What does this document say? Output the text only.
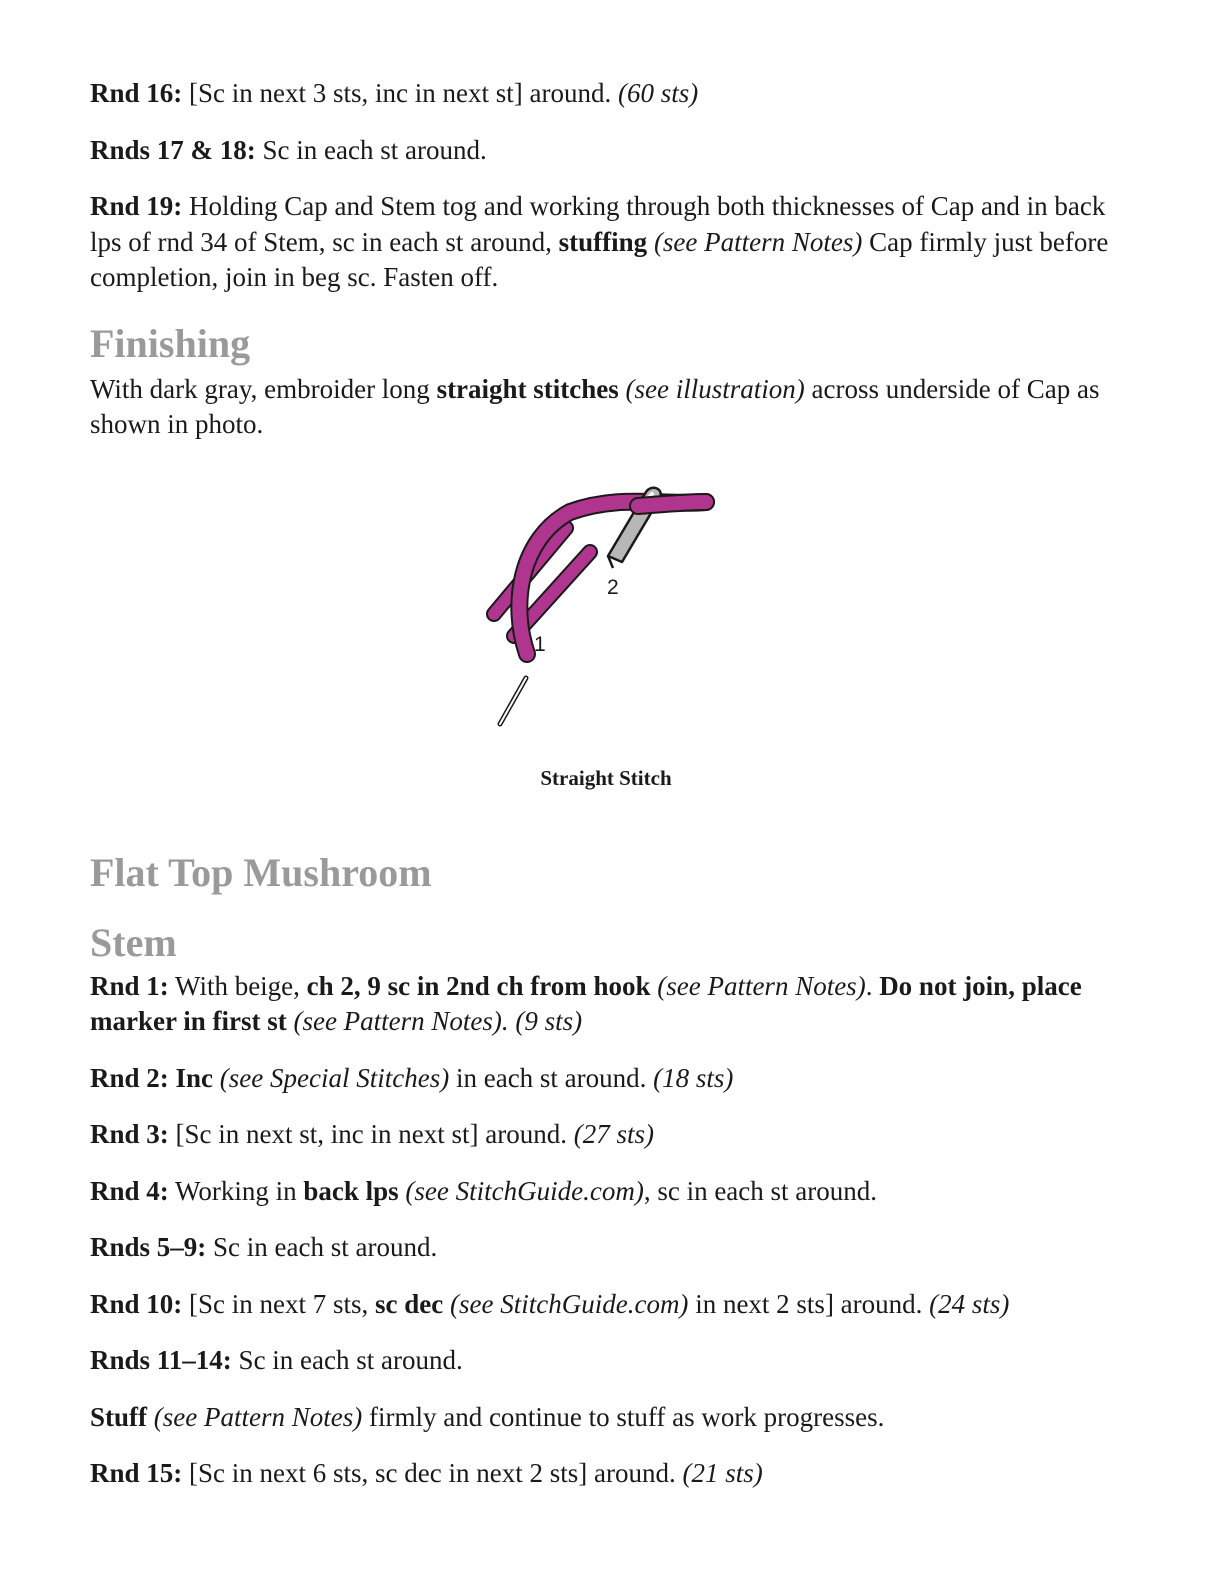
Rnd 16: [Sc in next 3 sts, inc in next st] around. (60 sts)

Rnds 17 & 18: Sc in each st around.

Rnd 19: Holding Cap and Stem tog and working through both thicknesses of Cap and in back lps of rnd 34 of Stem, sc in each st around, stuffing (see Pattern Notes) Cap firmly just before completion, join in beg sc. Fasten off.

Finishing

With dark gray, embroider long straight stitches (see illustration) across underside of Cap as shown in photo.

2
1
Straight Stitch
Flat Top Mushroom
Stem

Rnd 1: With beige, ch 2, 9 sc in 2nd ch from hook (see Pattern Notes). Do not join, place marker in first st (see Pattern Notes). (9 sts)

Rnd 2: Inc (see Special Stitches) in each st around. (18 sts)

Rnd 3: [Sc in next st, inc in next st] around. (27 sts)

Rnd 4: Working in back lps (see StitchGuide.com), sc in each st around.

Rnds 5–9: Sc in each st around.

Rnd 10: [Sc in next 7 sts, sc dec (see StitchGuide.com) in next 2 sts] around. (24 sts)

Rnds 11–14: Sc in each st around.

Stuff (see Pattern Notes) firmly and continue to stuff as work progresses.

Rnd 15: [Sc in next 6 sts, sc dec in next 2 sts] around. (21 sts)
